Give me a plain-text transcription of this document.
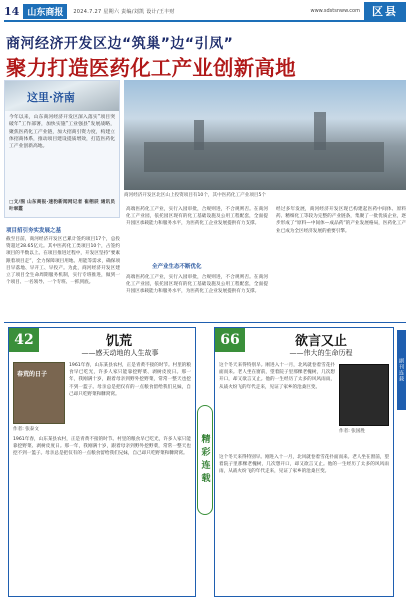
14 山东商报	2024.7.27 星期六 责编/刘凯 设计/王丰财	www.sdstsnww.com	区县
商河经济开发区边“筑巢”边“引凤”
聚力打造医药化工产业创新高地
这里·济南
今年以来，山东商河经济开发区深入落实“项目突破年”工作部署，加快实施“工业强县”发展战略，聚焦医药化工产业链，加大招商引资力度，构建立体招商体系，推动项目建设提质增效，打造医药化工产业创新高地。
□文/图 山东商报·速豹新闻网记者 崔栩辰 通讯员 叶翠霞
商河经济开发区北区山上投资项目有10个，其中医药化工产业项目5个
项目招引夯实发展之基
截至目前，商河经济开发区已累计签约项目17个，总投资超过28.65亿元。其中医药化工类项目10个，占签约项目的半数以上。在项目推进过程中，开发区坚持“要素跟着项目走”，全力保障项目用地、用能等需求，确保项目早落地、早开工、早投产。为此，商河经济开发区建立了项目全生命周期服务机制，实行专班推进，做到一个项目、一名领导、一个专班、一抓到底。
高端医药化工产业，实行入园审批，合规则进，不合规则否。在商河化工产业园，依托园区现有的化工基础设施及公用工程配套，全面提升园区承载能力和服务水平，为医药化工企业发展提供有力支撑。
全产业生态不断优化
高端医药化工产业，实行入园审批，合规则进，不合规则否。在商河化工产业园，依托园区现有的化工基础设施及公用工程配套，全面提升园区承载能力和服务水平，为医药化工企业发展提供有力支撑。
经过多年发展，商河经济开发区现已构建起医药中间体、原料药、精细化工等较为完整的产业链条，集聚了一批优质企业，逐步形成了“原料—中间体—成品药”的产业发展格局，医药化工产业已成为全区经济发展的重要引擎。
42	饥荒
——感天动地的人生故事
春荒的日子
作者: 张泰文
1961年春，山东某县农村，正是青黄不接的时节。村里的粮食早已吃光，许多人家只能靠挖野菜、剥树皮度日。那一年，我刚满十岁，跟着母亲到野外挖野菜，常常一整天也挖不到一篮子。母亲总是把仅有的一点粮食留给我们兄妹，自己却只吃野菜和糠窝窝。
1961年春，山东某县农村，正是青黄不接的时节。村里的粮食早已吃光，许多人家只能靠挖野菜、剥树皮度日。那一年，我刚满十岁，跟着母亲到野外挖野菜，常常一整天也挖不到一篮子。母亲总是把仅有的一点粮食留给我们兄妹，自己却只吃野菜和糠窝窝。	精彩连载
66	欲言又止
——伟大的生命历程
作者: 张国胜
这个冬天来得特别早。刚进入十一月，北风就卷着雪花扑面而来。老人坐在窗前，望着院子里那棵老槐树，几次想开口，却又欲言又止。他的一生经历了太多的风风雨雨，从战火纷飞的年代走来，见证了家乡的沧桑巨变。
这个冬天来得特别早。刚进入十一月，北风就卷着雪花扑面而来。老人坐在窗前，望着院子里那棵老槐树，几次想开口，却又欲言又止。他的一生经历了太多的风风雨雨，从战火纷飞的年代走来，见证了家乡的沧桑巨变。
副刊连载
